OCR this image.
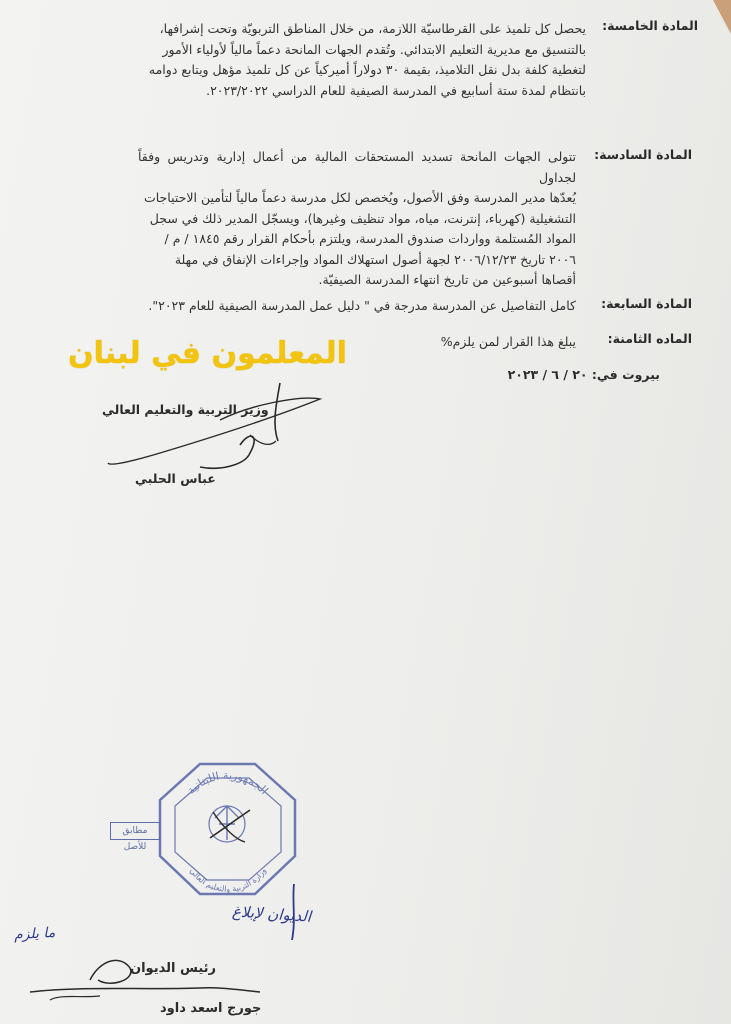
المادة الخامسة:
يحصل كل تلميذ على القرطاسيّة اللازمة، من خلال المناطق التربويّة وتحت إشرافها،
بالتنسيق مع مديرية التعليم الابتدائي. وتُقدم الجهات المانحة دعماً مالياً لأولياء الأمور
لتغطية كلفة بدل نقل التلاميذ، بقيمة ٣٠ دولاراً أميركياً عن كل تلميذ مؤهل ويتابع دوامه
بانتظام لمدة ستة أسابيع في المدرسة الصيفية للعام الدراسي ٢٠٢٣/٢٠٢٢.
المادة السادسة:
تتولى الجهات المانحة تسديد المستحقات المالية من أعمال إدارية وتدريس وفقاً لجداول
يُعدّها مدير المدرسة وفق الأصول، ويُخصص لكل مدرسة دعماً مالياً لتأمين الاحتياجات
التشغيلية (كهرباء، إنترنت، مياه، مواد تنظيف وغيرها)، ويسجّل المدير ذلك في سجل
المواد المُستلمة وواردات صندوق المدرسة، ويلتزم بأحكام القرار رقم ١٨٤٥ / م /
٢٠٠٦ تاريخ ٢٠٠٦/١٢/٢٣ لجهة أصول استهلاك المواد وإجراءات الإنفاق في مهلة
أقصاها أسبوعين من تاريخ انتهاء المدرسة الصيفيّة.
المادة السابعة:
كامل التفاصيل عن المدرسة مدرجة في " دليل عمل المدرسة الصيفية للعام ٢٠٢٣".
الماده الثامنة:
يبلغ هذا القرار لمن يلزم%
المعلمون في لبنان
بيروت في: ٢٠ / ٦ / ٢٠٢٣
وزير التربية والتعليم العالي
عباس الحلبي
الجمهورية اللبنانية
وزارة التربية والتعليم العالي
مطابق للأصل
الديوان لإبلاغ
ما يلزم
رئيس الديوان
جورج اسعد داود
